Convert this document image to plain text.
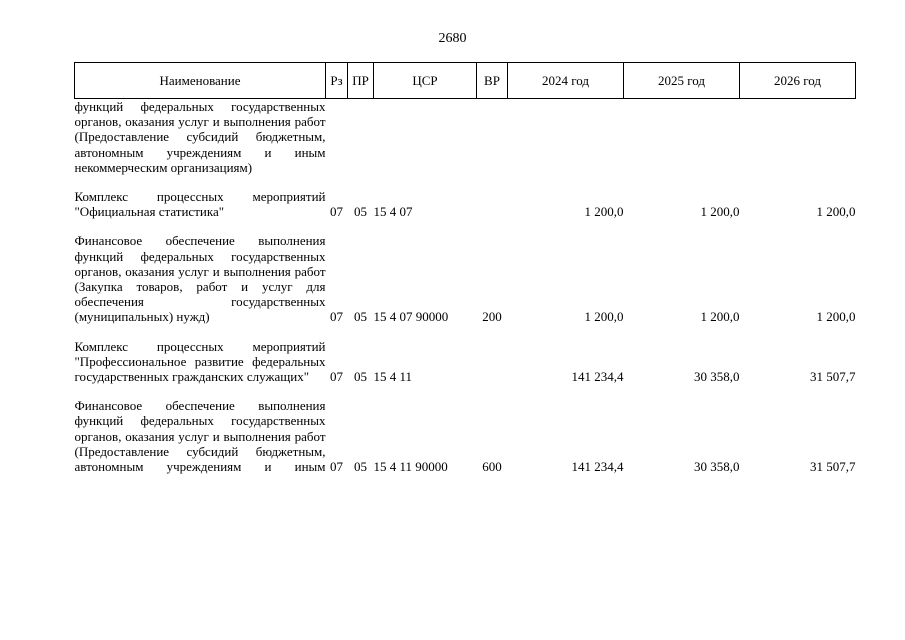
2680
Наименование	Рз	ПР	ЦСР	ВР	2024 год	2025 год	2026 год
функций федеральных государственных органов, оказания услуг и выполнения работ (Предоставление субсидий бюджетным, автономным учреждениям и иным некоммерческим организациям)							

Комплекс процессных мероприятий "Официальная статистика"	07	05	15 4 07		1 200,0	1 200,0	1 200,0

Финансовое обеспечение выполнения функций федеральных государственных органов, оказания услуг и выполнения работ (Закупка товаров, работ и услуг для обеспечения государственных (муниципальных) нужд)	07	05	15 4 07 90000	200	1 200,0	1 200,0	1 200,0

Комплекс процессных мероприятий "Профессиональное развитие федеральных государственных гражданских служащих"	07	05	15 4 11		141 234,4	30 358,0	31 507,7

Финансовое обеспечение выполнения функций федеральных государственных органов, оказания услуг и выполнения работ (Предоставление субсидий бюджетным, автономным учреждениям и иным	07	05	15 4 11 90000	600	141 234,4	30 358,0	31 507,7
